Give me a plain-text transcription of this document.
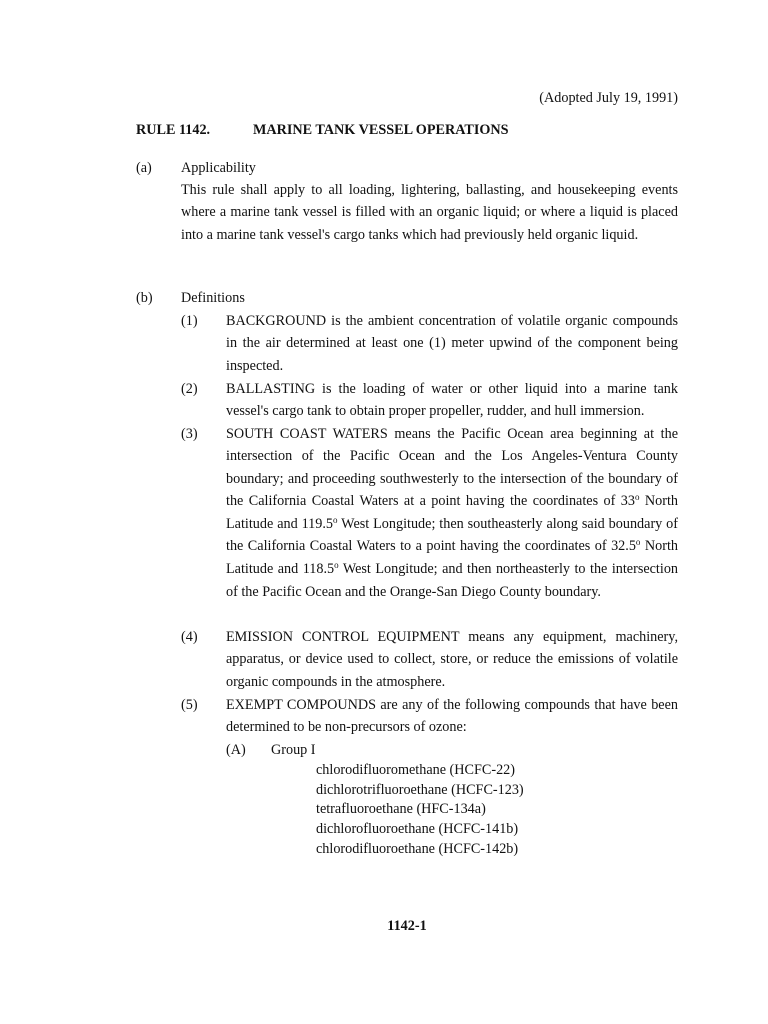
(Adopted July 19, 1991)
RULE 1142.	MARINE TANK VESSEL OPERATIONS
(a) Applicability
This rule shall apply to all loading, lightering, ballasting, and housekeeping events where a marine tank vessel is filled with an organic liquid; or where a liquid is placed into a marine tank vessel's cargo tanks which had previously held organic liquid.
(b) Definitions
(1) BACKGROUND is the ambient concentration of volatile organic compounds in the air determined at least one (1) meter upwind of the component being inspected.
(2) BALLASTING is the loading of water or other liquid into a marine tank vessel's cargo tank to obtain proper propeller, rudder, and hull immersion.
(3) SOUTH COAST WATERS means the Pacific Ocean area beginning at the intersection of the Pacific Ocean and the Los Angeles-Ventura County boundary; and proceeding southwesterly to the intersection of the boundary of the California Coastal Waters at a point having the coordinates of 33$^o$ North Latitude and 119.5$^o$ West Longitude; then southeasterly along said boundary of the California Coastal Waters to a point having the coordinates of 32.5$^o$ North Latitude and 118.5$^o$ West Longitude; and then northeasterly to the intersection of the Pacific Ocean and the Orange-San Diego County boundary.
(4) EMISSION CONTROL EQUIPMENT means any equipment, machinery, apparatus, or device used to collect, store, or reduce the emissions of volatile organic compounds in the atmosphere.
(5) EXEMPT COMPOUNDS are any of the following compounds that have been determined to be non-precursors of ozone:
(A) Group I
chlorodifluoromethane (HCFC-22)
dichlorotrifluoroethane (HCFC-123)
tetrafluoroethane (HFC-134a)
dichlorofluoroethane (HCFC-141b)
chlorodifluoroethane (HCFC-142b)
1142-1
